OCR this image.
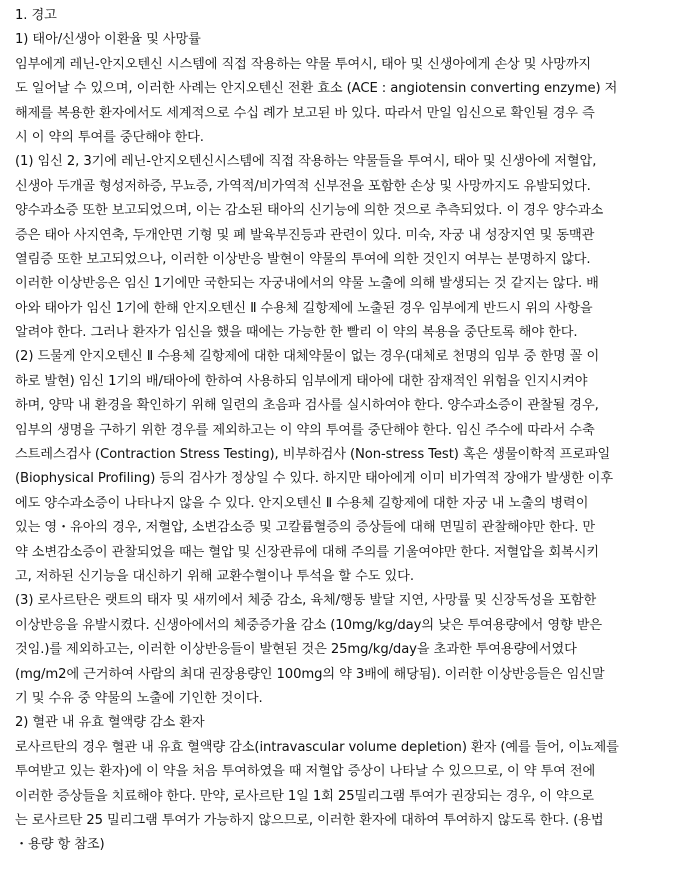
1. 경고
1) 태아/신생아 이환율 및 사망률
임부에게 레닌-안지오텐신 시스템에 직접 작용하는 약물 투여시, 태아 및 신생아에게 손상 및 사망까지
도 일어날 수 있으며, 이러한 사례는 안지오텐신 전환 효소 (ACE : angiotensin converting enzyme) 저
해제를 복용한 환자에서도 세계적으로 수십 례가 보고된 바 있다. 따라서 만일 임신으로 확인될 경우 즉
시 이 약의 투여를 중단해야 한다.
(1) 임신 2, 3기에 레닌-안지오텐신시스템에 직접 작용하는 약물들을 투여시, 태아 및 신생아에 저혈압,
신생아 두개골 형성저하증, 무뇨증, 가역적/비가역적 신부전을 포함한 손상 및 사망까지도 유발되었다.
양수과소증 또한 보고되었으며, 이는 감소된 태아의 신기능에 의한 것으로 추측되었다. 이 경우 양수과소
증은 태아 사지연축, 두개안면 기형 및 폐 발육부진등과 관련이 있다. 미숙, 자궁 내 성장지연 및 동맥관
열림증 또한 보고되었으나, 이러한 이상반응 발현이 약물의 투여에 의한 것인지 여부는 분명하지 않다.
이러한 이상반응은 임신 1기에만 국한되는 자궁내에서의 약물 노출에 의해 발생되는 것 같지는 않다. 배
아와 태아가 임신 1기에 한해 안지오텐신 Ⅱ 수용체 길항제에 노출된 경우 임부에게 반드시 위의 사항을
알려야 한다. 그러나 환자가 임신을 했을 때에는 가능한 한 빨리 이 약의 복용을 중단토록 해야 한다.
(2) 드물게 안지오텐신 Ⅱ 수용체 길항제에 대한 대체약물이 없는 경우(대체로 천명의 임부 중 한명 꼴 이
하로 발현) 임신 1기의 배/태아에 한하여 사용하되 임부에게 태아에 대한 잠재적인 위험을 인지시켜야
하며, 양막 내 환경을 확인하기 위해 일련의 초음파 검사를 실시하여야 한다. 양수과소증이 관찰될 경우,
임부의 생명을 구하기 위한 경우를 제외하고는 이 약의 투여를 중단해야 한다. 임신 주수에 따라서 수축
스트레스검사 (Contraction Stress Testing), 비부하검사 (Non-stress Test) 혹은 생물이학적 프로파일
(Biophysical Profiling) 등의 검사가 정상일 수 있다. 하지만 태아에게 이미 비가역적 장애가 발생한 이후
에도 양수과소증이 나타나지 않을 수 있다. 안지오텐신 Ⅱ 수용체 길항제에 대한 자궁 내 노출의 병력이
있는 영・유아의 경우, 저혈압, 소변감소증 및 고칼륨혈증의 증상들에 대해 면밀히 관찰해야만 한다. 만
약 소변감소증이 관찰되었을 때는 혈압 및 신장관류에 대해 주의를 기울여야만 한다. 저혈압을 회복시키
고, 저하된 신기능을 대신하기 위해 교환수혈이나 투석을 할 수도 있다.
(3) 로사르탄은 랫트의 태자 및 새끼에서 체중 감소, 육체/행동 발달 지연, 사망률 및 신장독성을 포함한
이상반응을 유발시켰다. 신생아에서의 체중증가율 감소 (10mg/kg/day의 낮은 투여용량에서 영향 받은
것임.)를 제외하고는, 이러한 이상반응들이 발현된 것은 25mg/kg/day을 초과한 투여용량에서였다
(mg/m2에 근거하여 사람의 최대 권장용량인 100mg의 약 3배에 해당됨). 이러한 이상반응들은 임신말
기 및 수유 중 약물의 노출에 기인한 것이다.
2) 혈관 내 유효 혈액량 감소 환자
로사르탄의 경우 혈관 내 유효 혈액량 감소(intravascular volume depletion) 환자 (예를 들어, 이뇨제를
투여받고 있는 환자)에 이 약을 처음 투여하였을 때 저혈압 증상이 나타날 수 있으므로, 이 약 투여 전에
이러한 증상들을 치료해야 한다. 만약, 로사르탄 1일 1회 25밀리그램 투여가 권장되는 경우, 이 약으로
는 로사르탄 25 밀리그램 투여가 가능하지 않으므로, 이러한 환자에 대하여 투여하지 않도록 한다. (용법
・용량 항 참조)
